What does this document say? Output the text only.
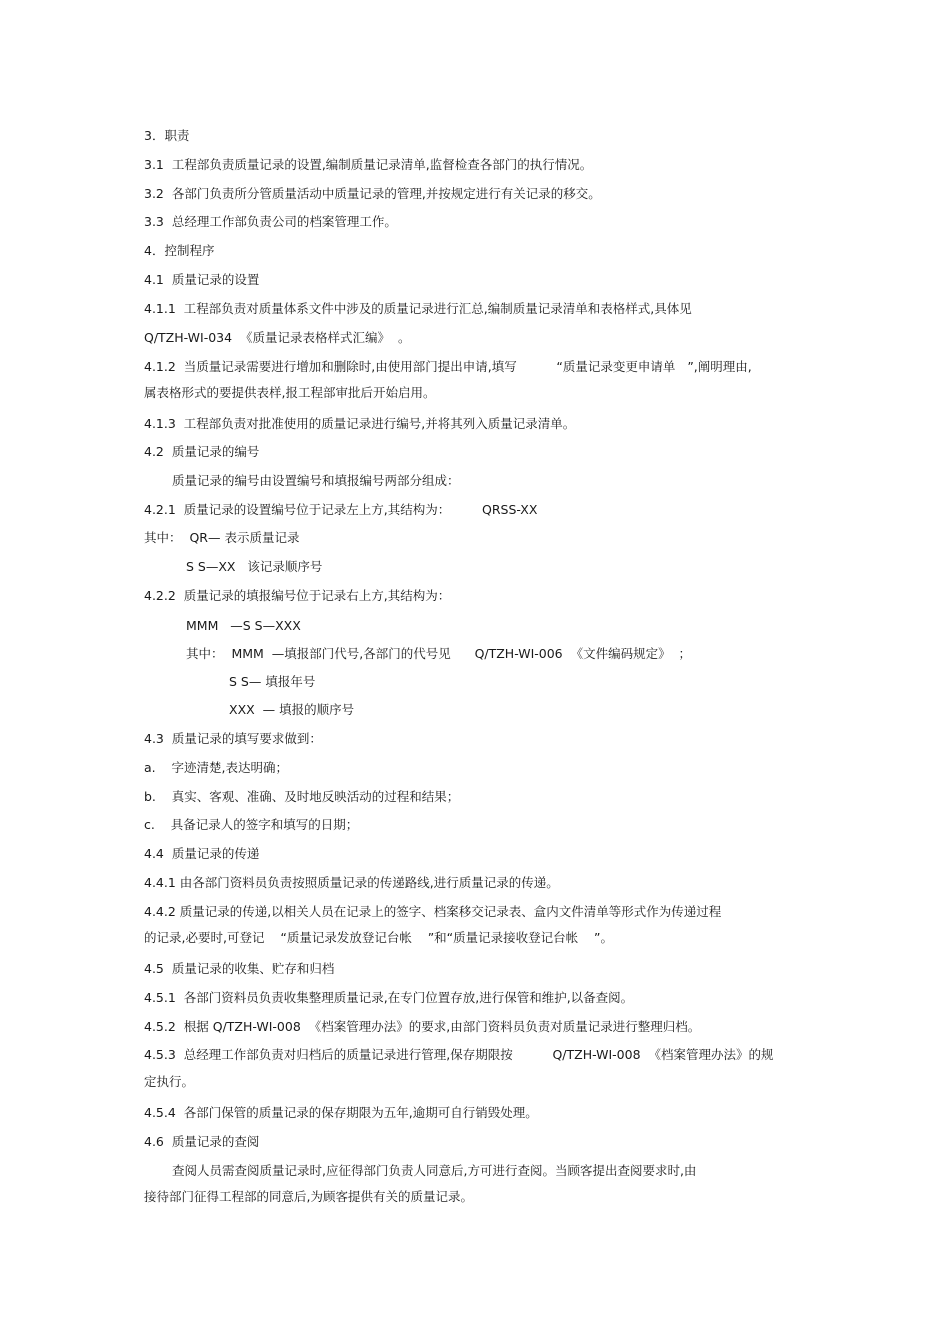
3．职责
3.1  工程部负责质量记录的设置,编制质量记录清单,监督检查各部门的执行情况。
3.2  各部门负责所分管质量活动中质量记录的管理,并按规定进行有关记录的移交。
3.3  总经理工作部负责公司的档案管理工作。
4．控制程序
4.1  质量记录的设置
4.1.1  工程部负责对质量体系文件中涉及的质量记录进行汇总,编制质量记录清单和表格样式,具体见
Q/TZH-WI-034  《质量记录表格样式汇编》  。
4.1.2  当质量记录需要进行增加和删除时,由使用部门提出申请,填写          “质量记录变更申请单   ”,阐明理由,
属表格形式的要提供表样,报工程部审批后开始启用。
4.1.3  工程部负责对批准使用的质量记录进行编号,并将其列入质量记录清单。
4.2  质量记录的编号
质量记录的编号由设置编号和填报编号两部分组成：
4.2.1  质量记录的设置编号位于记录左上方,其结构为：        QRSS-XX
其中：  QR— 表示质量记录
S S—XX   该记录顺序号
4.2.2  质量记录的填报编号位于记录右上方,其结构为：
MMM   —S S—XXX
其中：  MMM  —填报部门代号,各部门的代号见      Q/TZH-WI-006  《文件编码规定》  ；
S S— 填报年号
XXX  — 填报的顺序号
4.3  质量记录的填写要求做到：
a.    字迹清楚,表达明确；
b.    真实、客观、准确、及时地反映活动的过程和结果；
c.    具备记录人的签字和填写的日期；
4.4  质量记录的传递
4.4.1 由各部门资料员负责按照质量记录的传递路线,进行质量记录的传递。
4.4.2 质量记录的传递,以相关人员在记录上的签字、档案移交记录表、盒内文件清单等形式作为传递过程
的记录,必要时,可登记    “质量记录发放登记台帐    ”和“质量记录接收登记台帐    ”。
4.5  质量记录的收集、贮存和归档
4.5.1  各部门资料员负责收集整理质量记录,在专门位置存放,进行保管和维护,以备查阅。
4.5.2  根据 Q/TZH-WI-008  《档案管理办法》的要求,由部门资料员负责对质量记录进行整理归档。
4.5.3  总经理工作部负责对归档后的质量记录进行管理,保存期限按          Q/TZH-WI-008  《档案管理办法》的规
定执行。
4.5.4  各部门保管的质量记录的保存期限为五年,逾期可自行销毁处理。
4.6  质量记录的查阅
查阅人员需查阅质量记录时,应征得部门负责人同意后,方可进行查阅。当顾客提出查阅要求时,由
接待部门征得工程部的同意后,为顾客提供有关的质量记录。
